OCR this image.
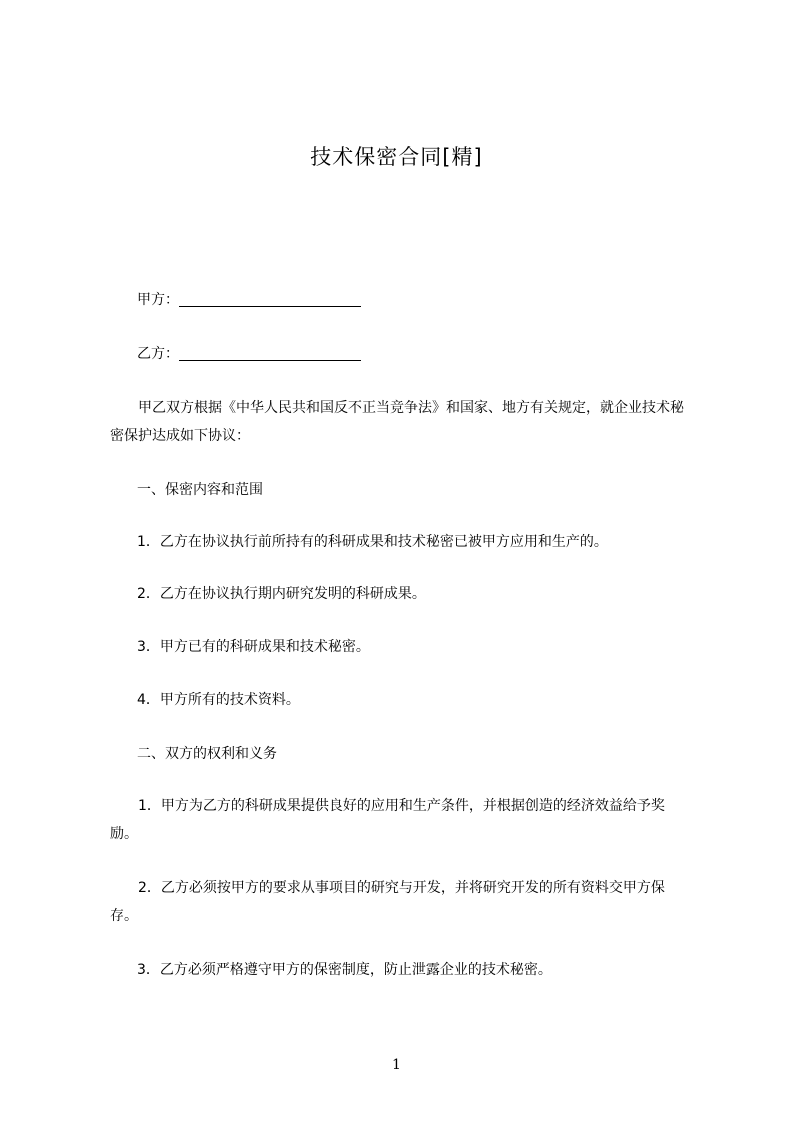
技术保密合同[精]
甲方：
乙方：
甲乙双方根据《中华人民共和国反不正当竞争法》和国家、地方有关规定，就企业技术秘密保护达成如下协议：
一、保密内容和范围
1．乙方在协议执行前所持有的科研成果和技术秘密已被甲方应用和生产的。
2．乙方在协议执行期内研究发明的科研成果。
3．甲方已有的科研成果和技术秘密。
4．甲方所有的技术资料。
二、双方的权利和义务
1．甲方为乙方的科研成果提供良好的应用和生产条件，并根据创造的经济效益给予奖励。
2．乙方必须按甲方的要求从事项目的研究与开发，并将研究开发的所有资料交甲方保存。
3．乙方必须严格遵守甲方的保密制度，防止泄露企业的技术秘密。
1
